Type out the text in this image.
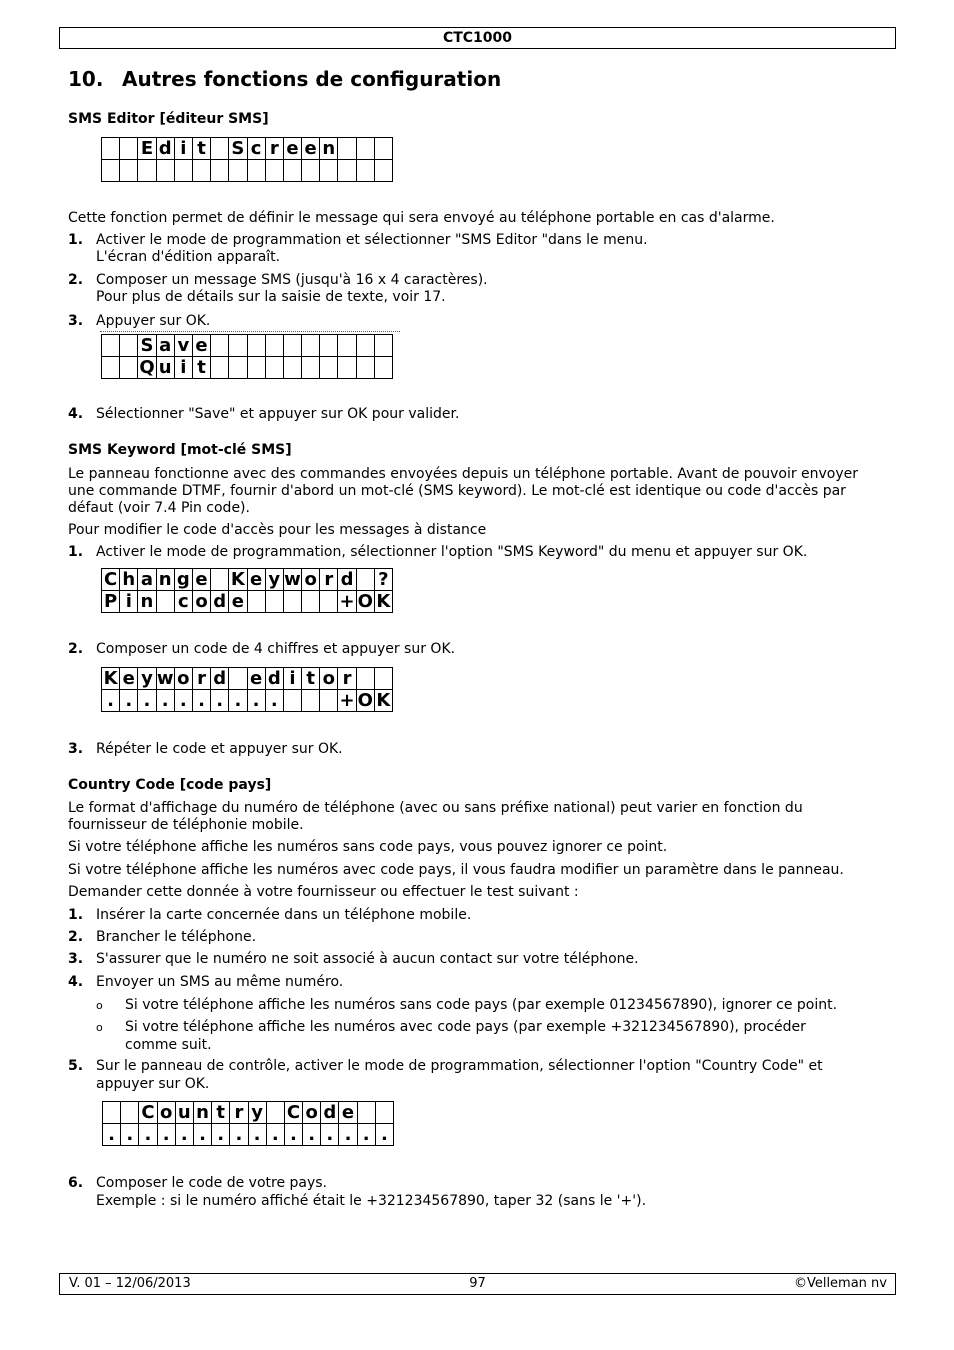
CTC1000
10. Autres fonctions de configuration
SMS Editor [éditeur SMS]
		E	d	i	t		S	c	r	e	e	n			

Cette fonction permet de définir le message qui sera envoyé au téléphone portable en cas d'alarme.
1. Activer le mode de programmation et sélectionner "SMS Editor "dans le menu.
L'écran d'édition apparaît.
2. Composer un message SMS (jusqu'à 16 x 4 caractères).
Pour plus de détails sur la saisie de texte, voir 17.
3. Appuyer sur OK.
		S	a	v	e										
		Q	u	i	t										
4. Sélectionner "Save" et appuyer sur OK pour valider.
SMS Keyword [mot-clé SMS]
Le panneau fonctionne avec des commandes envoyées depuis un téléphone portable. Avant de pouvoir envoyer
une commande DTMF, fournir d'abord un mot-clé (SMS keyword). Le mot-clé est identique ou code d'accès par
défaut (voir 7.4 Pin code).
Pour modifier le code d'accès pour les messages à distance
1. Activer le mode de programmation, sélectionner l'option "SMS Keyword" du menu et appuyer sur OK.
C	h	a	n	g	e		K	e	y	w	o	r	d		?
P	i	n		c	o	d	e						+	O	K
2. Composer un code de 4 chiffres et appuyer sur OK.
K	e	y	w	o	r	d		e	d	i	t	o	r		
.	.	.	.	.	.	.	.	.	.				+	O	K
3. Répéter le code et appuyer sur OK.
Country Code [code pays]
Le format d'affichage du numéro de téléphone (avec ou sans préfixe national) peut varier en fonction du
fournisseur de téléphonie mobile.
Si votre téléphone affiche les numéros sans code pays, vous pouvez ignorer ce point.
Si votre téléphone affiche les numéros avec code pays, il vous faudra modifier un paramètre dans le panneau.
Demander cette donnée à votre fournisseur ou effectuer le test suivant :
1. Insérer la carte concernée dans un téléphone mobile.
2. Brancher le téléphone.
3. S'assurer que le numéro ne soit associé à aucun contact sur votre téléphone.
4. Envoyer un SMS au même numéro.
o Si votre téléphone affiche les numéros sans code pays (par exemple 01234567890), ignorer ce point.
o Si votre téléphone affiche les numéros avec code pays (par exemple +321234567890), procéder
comme suit.
5. Sur le panneau de contrôle, activer le mode de programmation, sélectionner l'option "Country Code" et
appuyer sur OK.
		C	o	u	n	t	r	y		C	o	d	e		
.	.	.	.	.	.	.	.	.	.	.	.	.	.	.	.
6. Composer le code de votre pays.
Exemple : si le numéro affiché était le +321234567890, taper 32 (sans le '+').
V. 01 – 12/06/2013	97	©Velleman nv
